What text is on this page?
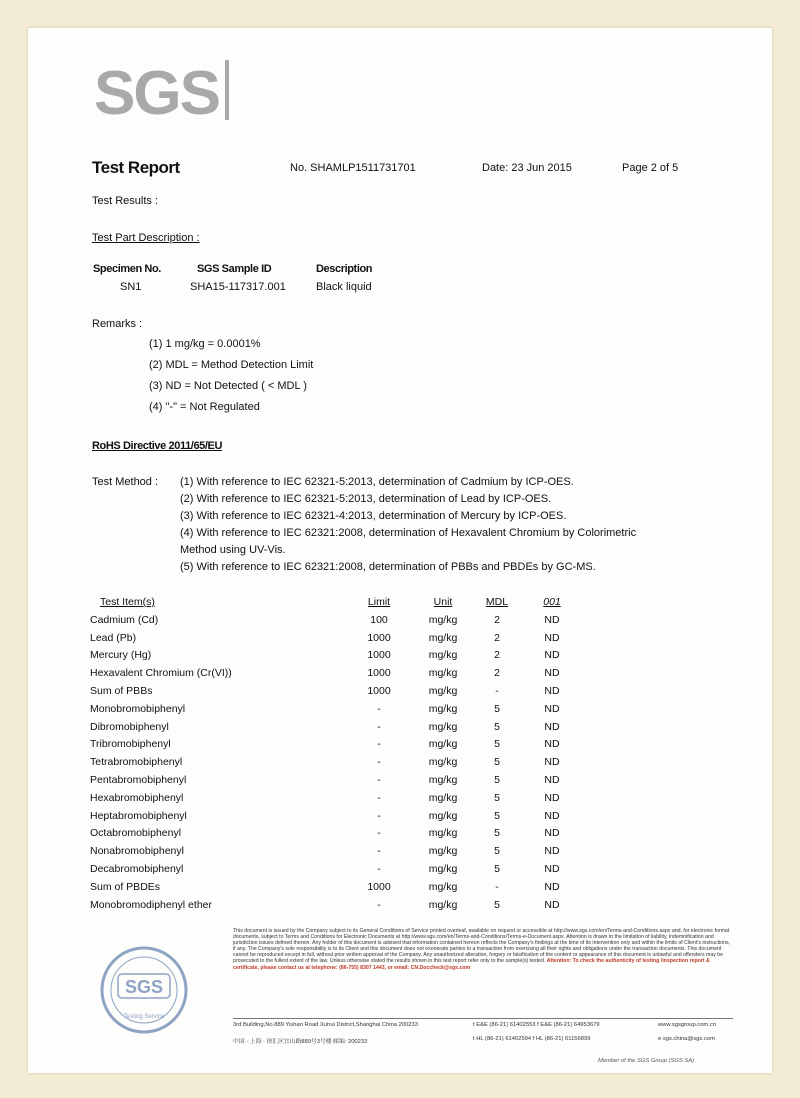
SGS
Test Report	No. SHAMLP1511731701	Date: 23 Jun 2015	Page 2 of 5
Test Results :
Test Part Description :
Specimen No.	SGS Sample ID	Description
SN1	SHA15-117317.001	Black liquid
Remarks :
(1) 1 mg/kg = 0.0001%
(2) MDL = Method Detection Limit
(3) ND = Not Detected ( < MDL )
(4) "-" = Not Regulated
RoHS Directive 2011/65/EU
Test Method : (1) With reference to IEC 62321-5:2013, determination of Cadmium by ICP-OES.
(2) With reference to IEC 62321-5:2013, determination of Lead by ICP-OES.
(3) With reference to IEC 62321-4:2013, determination of Mercury by ICP-OES.
(4) With reference to IEC 62321:2008, determination of Hexavalent Chromium by Colorimetric
Method using UV-Vis.
(5) With reference to IEC 62321:2008, determination of PBBs and PBDEs by GC-MS.
Test Item(s)	Limit	Unit	MDL	001
Cadmium (Cd)	100	mg/kg	2	ND
Lead (Pb)	1000	mg/kg	2	ND
Mercury (Hg)	1000	mg/kg	2	ND
Hexavalent Chromium (Cr(VI))	1000	mg/kg	2	ND
Sum of PBBs	1000	mg/kg	-	ND
Monobromobiphenyl	-	mg/kg	5	ND
Dibromobiphenyl	-	mg/kg	5	ND
Tribromobiphenyl	-	mg/kg	5	ND
Tetrabromobiphenyl	-	mg/kg	5	ND
Pentabromobiphenyl	-	mg/kg	5	ND
Hexabromobiphenyl	-	mg/kg	5	ND
Heptabromobiphenyl	-	mg/kg	5	ND
Octabromobiphenyl	-	mg/kg	5	ND
Nonabromobiphenyl	-	mg/kg	5	ND
Decabromobiphenyl	-	mg/kg	5	ND
Sum of PBDEs	1000	mg/kg	-	ND
Monobromodiphenyl ether	-	mg/kg	5	ND
SGS
Testing Service
This document is issued by the Company subject to its General Conditions of Service printed overleaf, available on request or accessible at http://www.sgs.com/en/Terms-and-Conditions.aspx and, for electronic format documents, subject to Terms and Conditions for Electronic Documents at http://www.sgs.com/en/Terms-and-Conditions/Terms-e-Document.aspx. Attention is drawn to the limitation of liability, indemnification and jurisdiction issues defined therein. Any holder of this document is advised that information contained hereon reflects the Company's findings at the time of its intervention only and within the limits of Client's instructions, if any. The Company's sole responsibility is to its Client and this document does not exonerate parties to a transaction from exercising all their rights and obligations under the transaction documents. This document cannot be reproduced except in full, without prior written approval of the Company. Any unauthorized alteration, forgery or falsification of the content or appearance of this document is unlawful and offenders may be prosecuted to the fullest extent of the law. Unless otherwise stated the results shown in this test report refer only to the sample(s) tested. Attention: To check the authenticity of testing /inspection report & certificate, please contact us at telephone: (86-755) 8307 1443, or email: CN.Doccheck@sgs.com
3rd Building,No.889 Yishan Road Xuhui District,Shanghai China 200233	t E&E (86-21) 61402553 f E&E (86-21) 64953679	www.sgsgroup.com.cn
中国 · 上海 · 徐汇区宜山路889号3号楼 邮编: 200233	t HL (86-21) 61402594 f HL (86-21) 61156899	e sgs.china@sgs.com
Member of the SGS Group (SGS SA)
